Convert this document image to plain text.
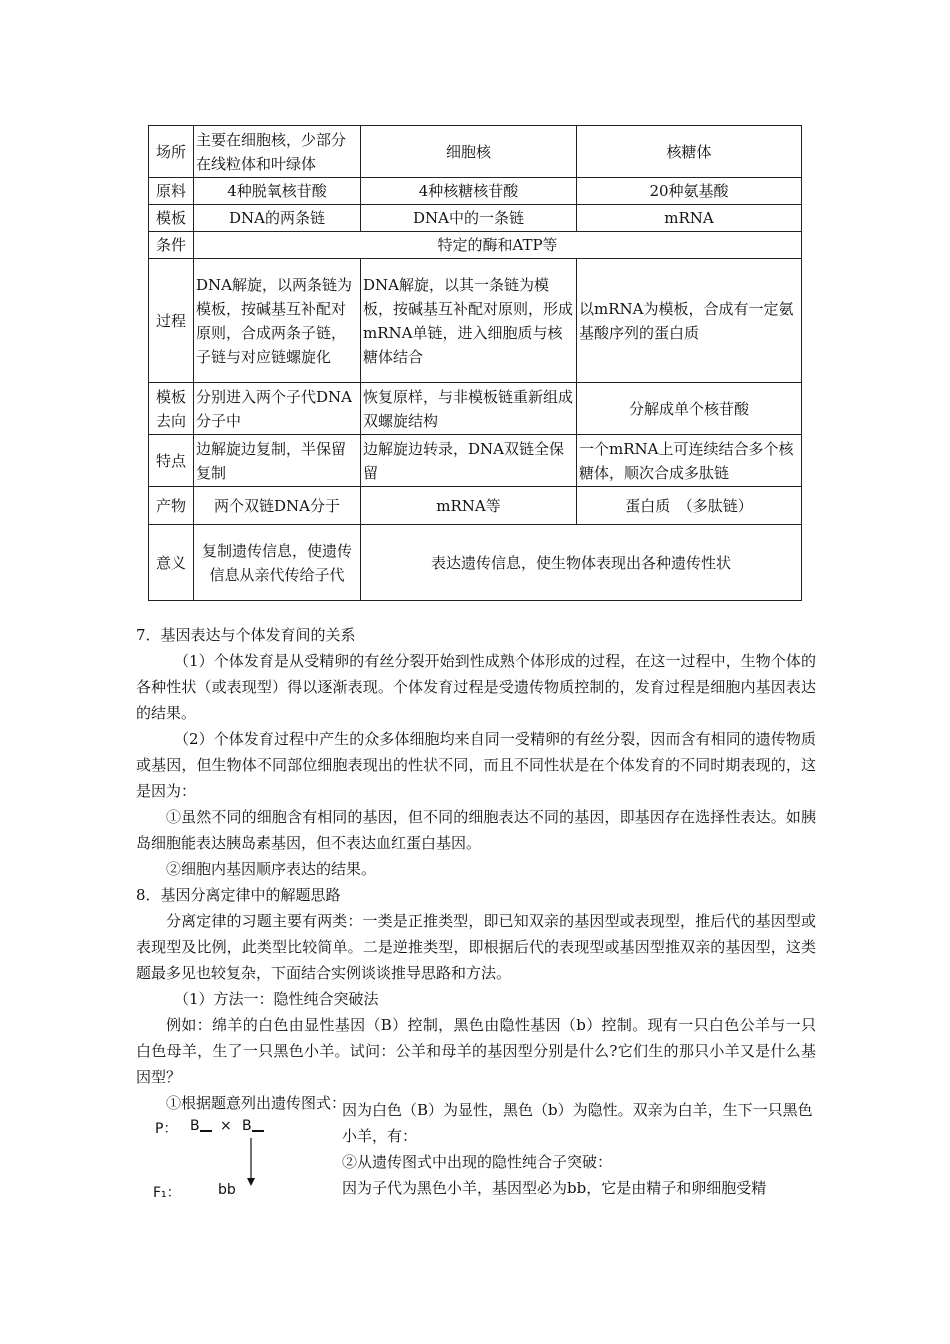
场所	主要在细胞核，少部分在线粒体和叶绿体	细胞核	核糖体
原料	4种脱氧核苷酸	4种核糖核苷酸	20种氨基酸
模板	DNA的两条链	DNA中的一条链	mRNA
条件	特定的酶和ATP等		
过程	DNA解旋，以两条链为模板，按碱基互补配对原则，合成两条子链，子链与对应链螺旋化	DNA解旋，以其一条链为模板，按碱基互补配对原则，形成mRNA单链，进入细胞质与核糖体结合	以mRNA为模板，合成有一定氨基酸序列的蛋白质
模板去向	分别进入两个子代DNA分子中	恢复原样，与非模板链重新组成双螺旋结构	分解成单个核苷酸
特点	边解旋边复制，半保留复制	边解旋边转录，DNA双链全保留	一个mRNA上可连续结合多个核糖体，顺次合成多肽链
产物	两个双链DNA分于	mRNA等	蛋白质　（多肽链）
意义	复制遗传信息，使遗传信息从亲代传给子代	表达遗传信息，使生物体表现出各种遗传性状	

7．基因表达与个体发育间的关系

（1）个体发育是从受精卵的有丝分裂开始到性成熟个体形成的过程，在这一过程中，生物个体的各种性状（或表现型）得以逐渐表现。个体发育过程是受遗传物质控制的，发育过程是细胞内基因表达的结果。

（2）个体发育过程中产生的众多体细胞均来自同一受精卵的有丝分裂，因而含有相同的遗传物质或基因，但生物体不同部位细胞表现出的性状不同，而且不同性状是在个体发育的不同时期表现的，这是因为：

①虽然不同的细胞含有相同的基因，但不同的细胞表达不同的基因，即基因存在选择性表达。如胰岛细胞能表达胰岛素基因，但不表达血红蛋白基因。

②细胞内基因顺序表达的结果。

8．基因分离定律中的解题思路

分离定律的习题主要有两类：一类是正推类型，即已知双亲的基因型或表现型，推后代的基因型或表现型及比例，此类型比较简单。二是逆推类型，即根据后代的表现型或基因型推双亲的基因型，这类题最多见也较复杂，下面结合实例谈谈推导思路和方法。

（1）方法一：隐性纯合突破法

例如：绵羊的白色由显性基因（B）控制，黑色由隐性基因（b）控制。现有一只白色公羊与一只白色母羊，生了一只黑色小羊。试问：公羊和母羊的基因型分别是什么?它们生的那只小羊又是什么基因型？

①根据题意列出遗传图式：

P： B × B
F₁：	bb

因为白色（B）为显性，黑色（b）为隐性。双亲为白羊，生下一只黑色小羊，有：

②从遗传图式中出现的隐性纯合子突破：

因为子代为黑色小羊，基因型必为bb，它是由精子和卵细胞受精
